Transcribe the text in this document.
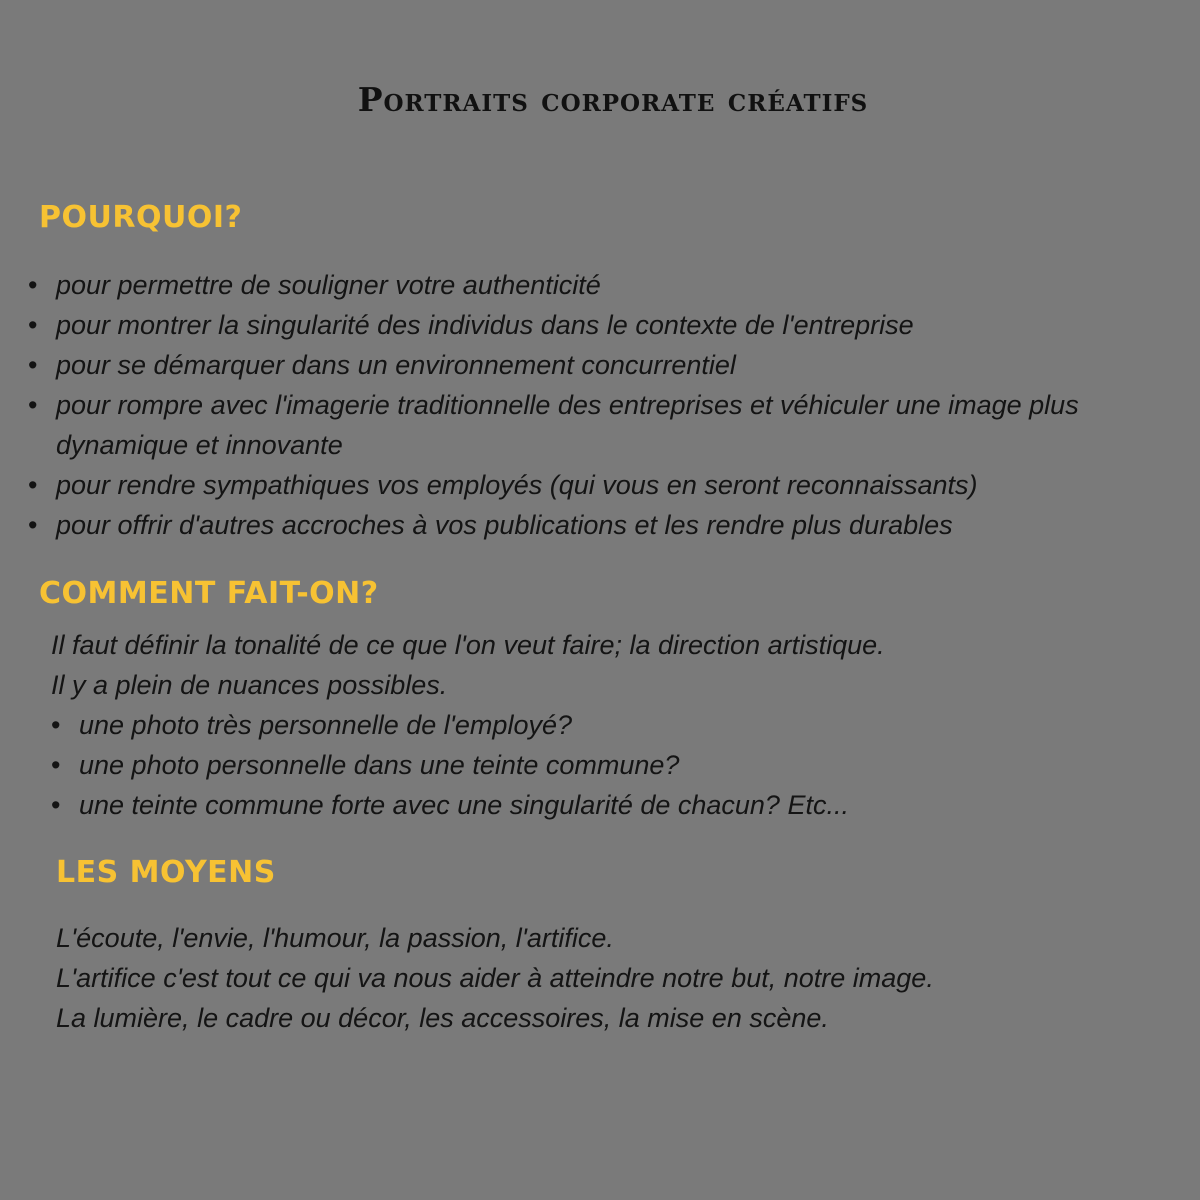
Portraits corporate créatifs
POURQUOI?
• pour permettre de souligner votre authenticité
• pour montrer la singularité des individus dans le contexte de l'entreprise
• pour se démarquer dans un environnement concurrentiel
• pour rompre avec l'imagerie traditionnelle des entreprises et véhiculer une image plus dynamique et innovante
• pour rendre sympathiques vos employés (qui vous en seront reconnaissants)
• pour offrir d'autres accroches à vos publications et les rendre plus durables
COMMENT FAIT-ON?

Il faut définir la tonalité de ce que l'on veut faire; la direction artistique.

Il y a plein de nuances possibles.

• une photo très personnelle de l'employé?
• une photo personnelle dans une teinte commune?
• une teinte commune forte avec une singularité de chacun? Etc...
LES MOYENS

L'écoute, l'envie, l'humour, la passion, l'artifice.

L'artifice c'est tout ce qui va nous aider à atteindre notre but, notre image.

La lumière, le cadre ou décor, les accessoires, la mise en scène.
